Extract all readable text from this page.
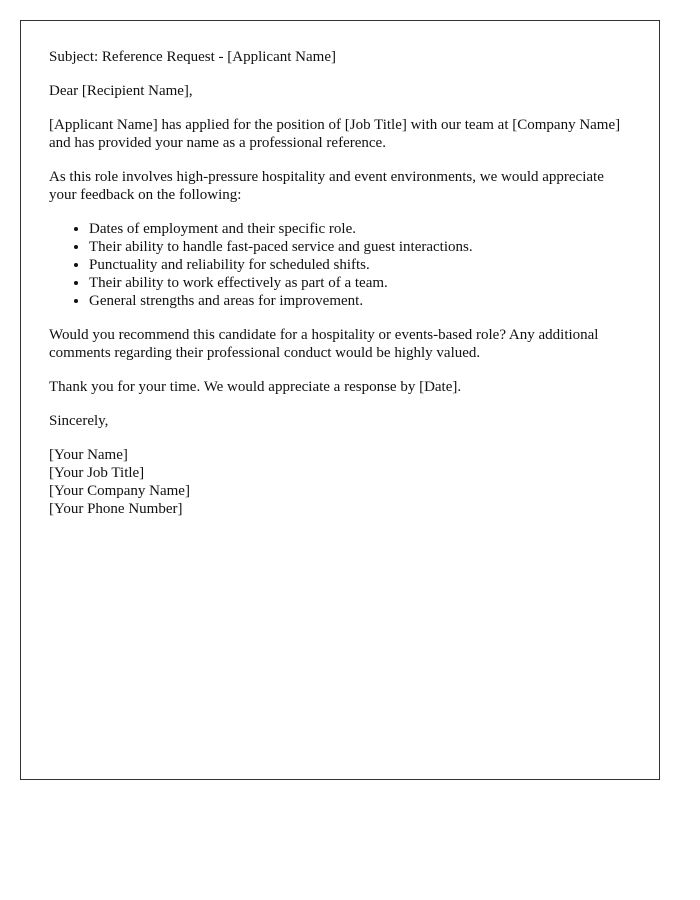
Subject: Reference Request - [Applicant Name]

Dear [Recipient Name],

[Applicant Name] has applied for the position of [Job Title] with our team at [Company Name] and has provided your name as a professional reference.

As this role involves high-pressure hospitality and event environments, we would appreciate your feedback on the following:

• Dates of employment and their specific role.
• Their ability to handle fast-paced service and guest interactions.
• Punctuality and reliability for scheduled shifts.
• Their ability to work effectively as part of a team.
• General strengths and areas for improvement.

Would you recommend this candidate for a hospitality or events-based role? Any additional comments regarding their professional conduct would be highly valued.

Thank you for your time. We would appreciate a response by [Date].

Sincerely,

[Your Name]
[Your Job Title]
[Your Company Name]
[Your Phone Number]
